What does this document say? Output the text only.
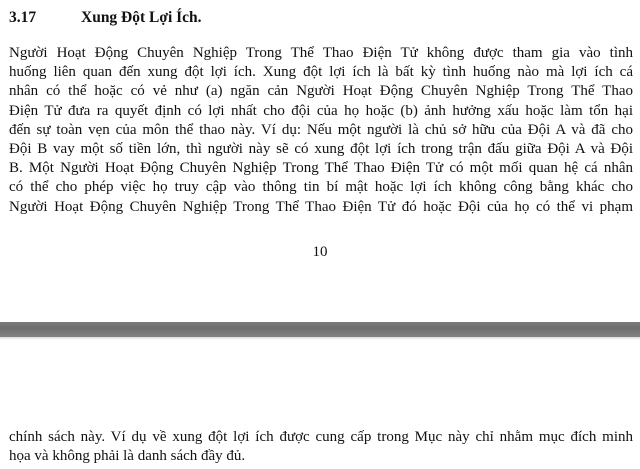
3.17	Xung Đột Lợi Ích.
Người Hoạt Động Chuyên Nghiệp Trong Thể Thao Điện Tử không được tham gia vào tình
huống liên quan đến xung đột lợi ích. Xung đột lợi ích là bất kỳ tình huống nào mà lợi ích cá
nhân có thể hoặc có vẻ như (a) ngăn cản Người Hoạt Động Chuyên Nghiệp Trong Thể Thao
Điện Tử đưa ra quyết định có lợi nhất cho đội của họ hoặc (b) ảnh hưởng xấu hoặc làm tổn hại
đến sự toàn vẹn của môn thể thao này. Ví dụ: Nếu một người là chủ sở hữu của Đội A và đã cho
Đội B vay một số tiền lớn, thì người này sẽ có xung đột lợi ích trong trận đấu giữa Đội A và Đội
B. Một Người Hoạt Động Chuyên Nghiệp Trong Thể Thao Điện Tử có một mối quan hệ cá nhân
có thể cho phép việc họ truy cập vào thông tin bí mật hoặc lợi ích không công bằng khác cho
Người Hoạt Động Chuyên Nghiệp Trong Thể Thao Điện Tử đó hoặc Đội của họ có thể vi phạm
10
chính sách này. Ví dụ về xung đột lợi ích được cung cấp trong Mục này chỉ nhằm mục đích minh
họa và không phải là danh sách đầy đủ.
